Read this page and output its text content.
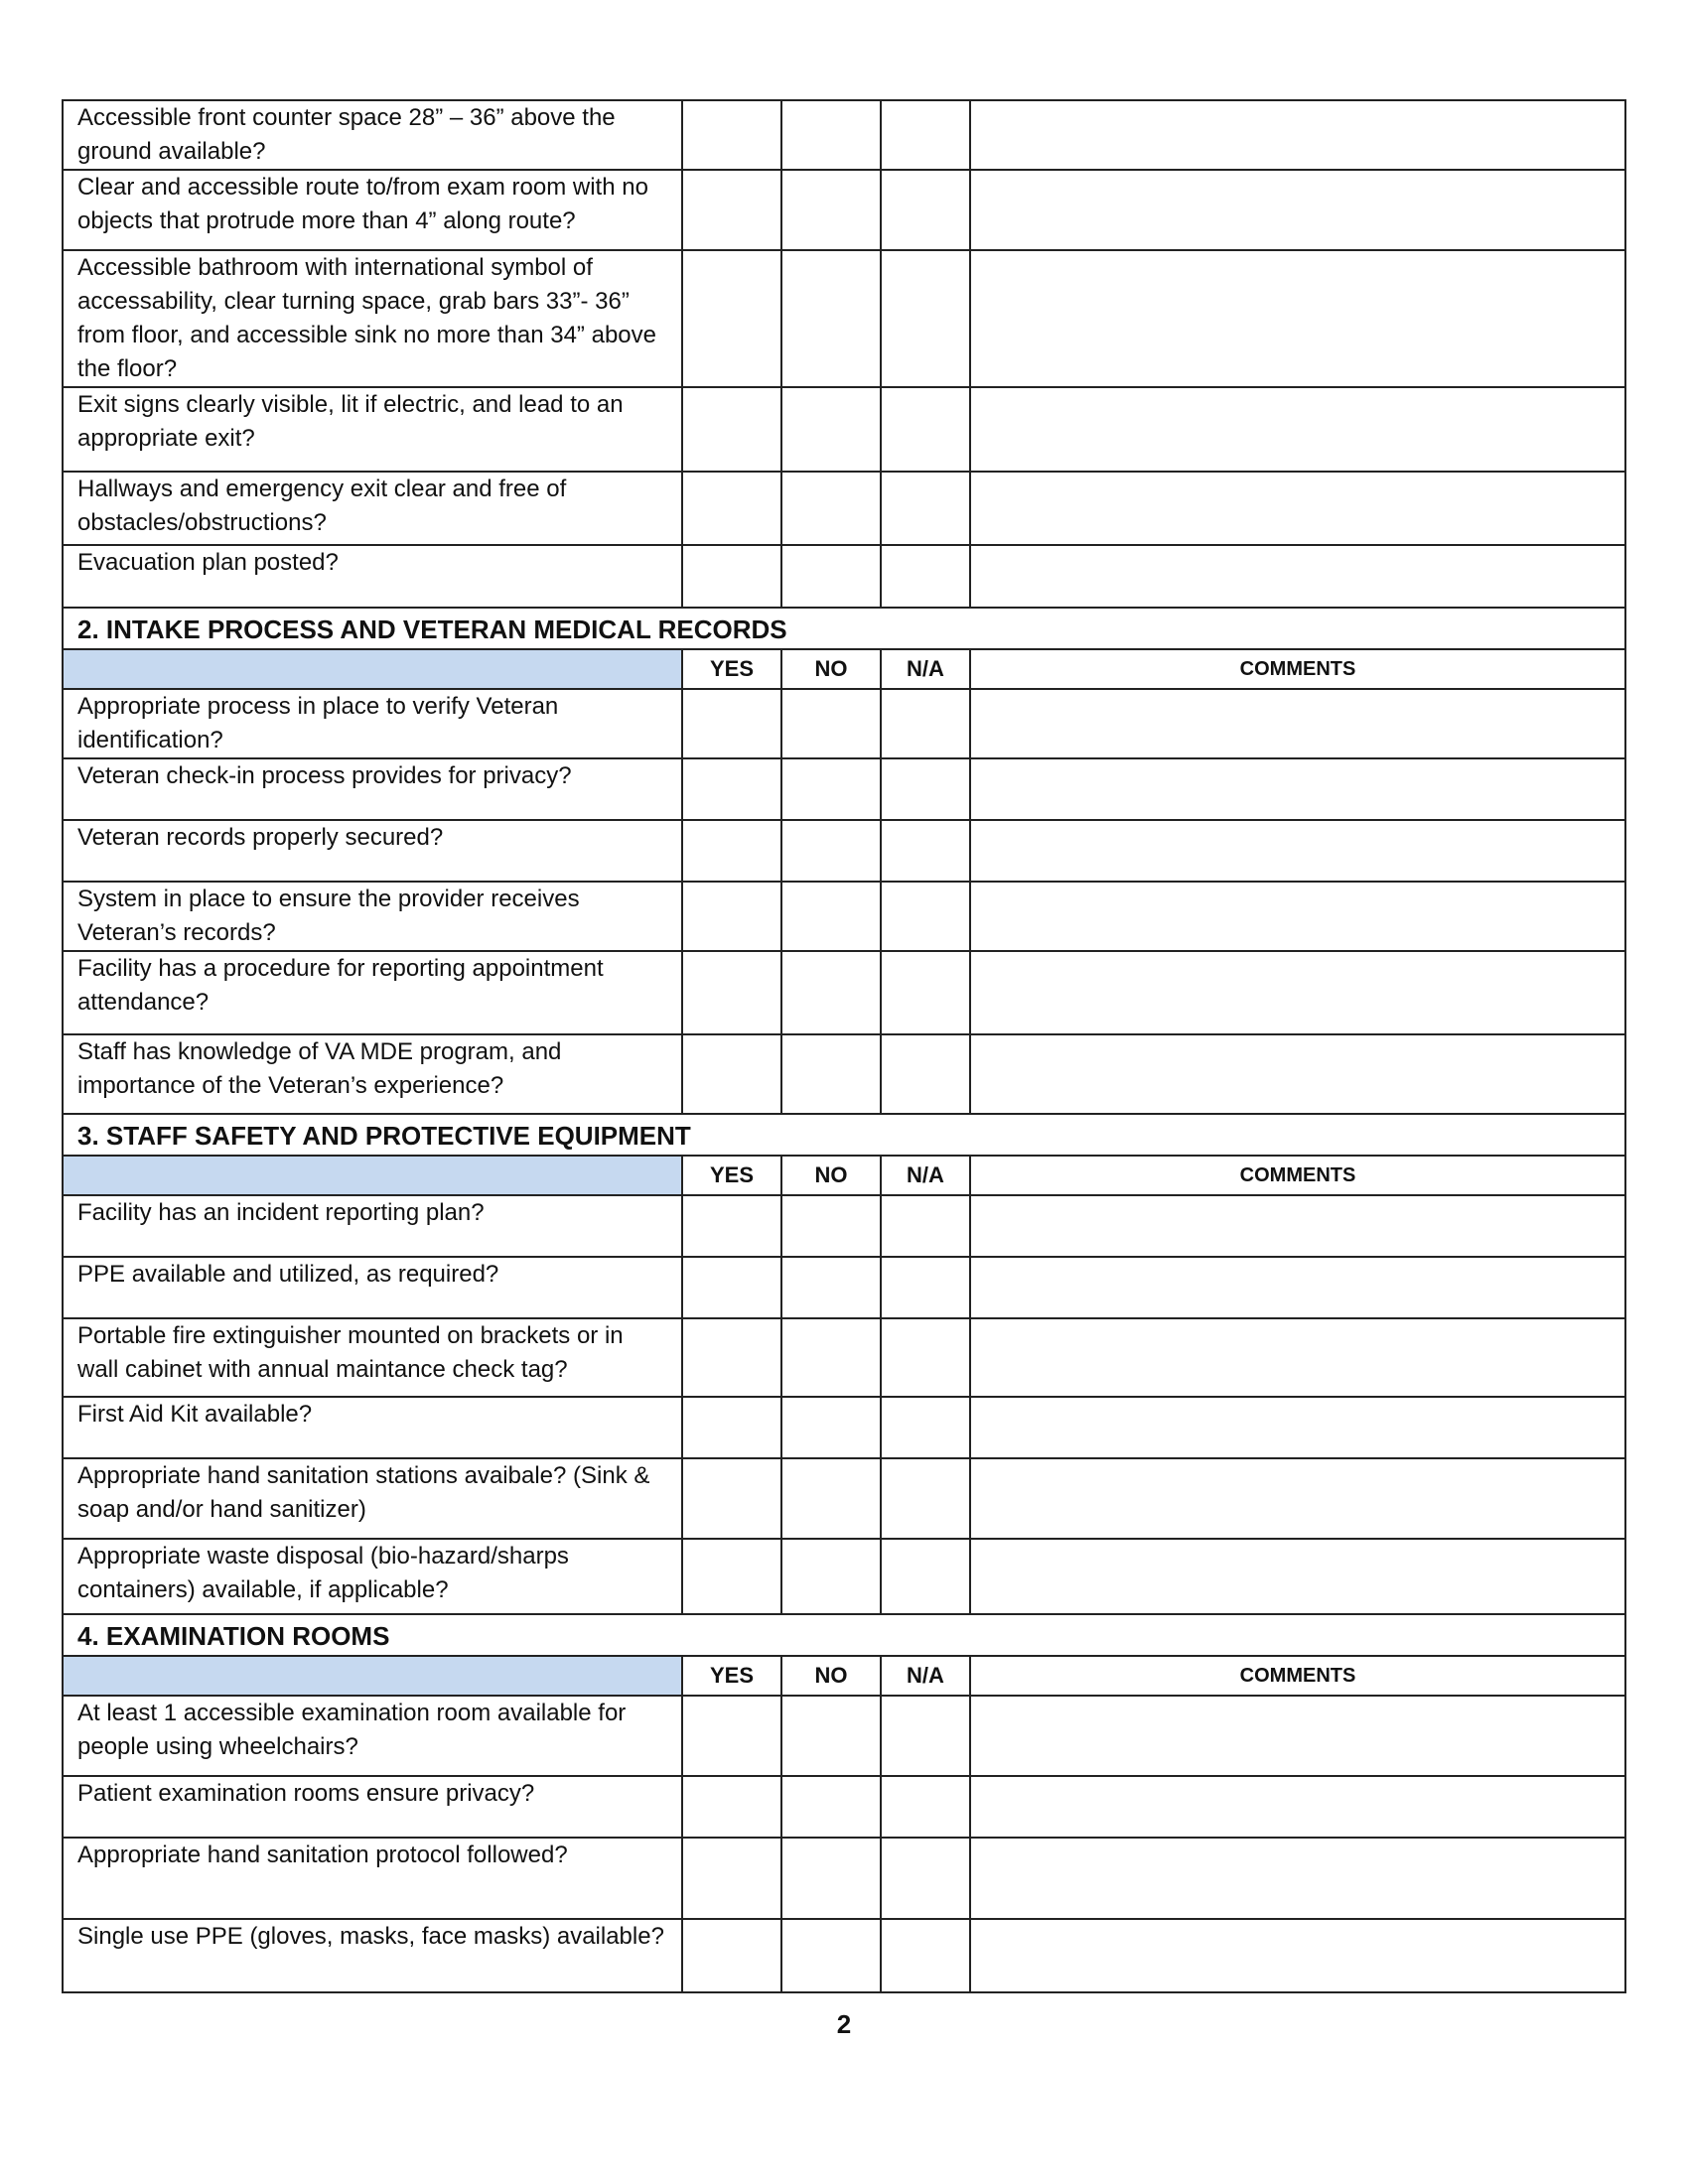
Accessible front counter space 28” – 36” above the ground available?				
Clear and accessible route to/from exam room with no objects that protrude more than 4” along route?				
Accessible bathroom with international symbol of accessability, clear turning space, grab bars 33”- 36” from floor, and accessible sink no more than 34” above the floor?				
Exit signs clearly visible, lit if electric, and lead to an appropriate exit?				
Hallways and emergency exit clear and free of obstacles/obstructions?				
Evacuation plan posted?				
2. INTAKE PROCESS AND VETERAN MEDICAL RECORDS				
	YES	NO	N/A	COMMENTS
Appropriate process in place to verify Veteran identification?				
Veteran check-in process provides for privacy?				
Veteran records properly secured?				
System in place to ensure the provider receives Veteran’s records?				
Facility has a procedure for reporting appointment attendance?				
Staff has knowledge of VA MDE program, and importance of the Veteran’s experience?				
3. STAFF SAFETY AND PROTECTIVE EQUIPMENT				
	YES	NO	N/A	COMMENTS
Facility has an incident reporting plan?				
PPE available and utilized, as required?				
Portable fire extinguisher mounted on brackets or in wall cabinet with annual maintance check tag?				
First Aid Kit available?				
Appropriate hand sanitation stations avaibale? (Sink & soap and/or hand sanitizer)				
Appropriate waste disposal (bio-hazard/sharps containers) available, if applicable?				
4. EXAMINATION ROOMS				
	YES	NO	N/A	COMMENTS
At least 1 accessible examination room available for people using wheelchairs?				
Patient examination rooms ensure privacy?				
Appropriate hand sanitation protocol followed?				
Single use PPE (gloves, masks, face masks) available?				
2
